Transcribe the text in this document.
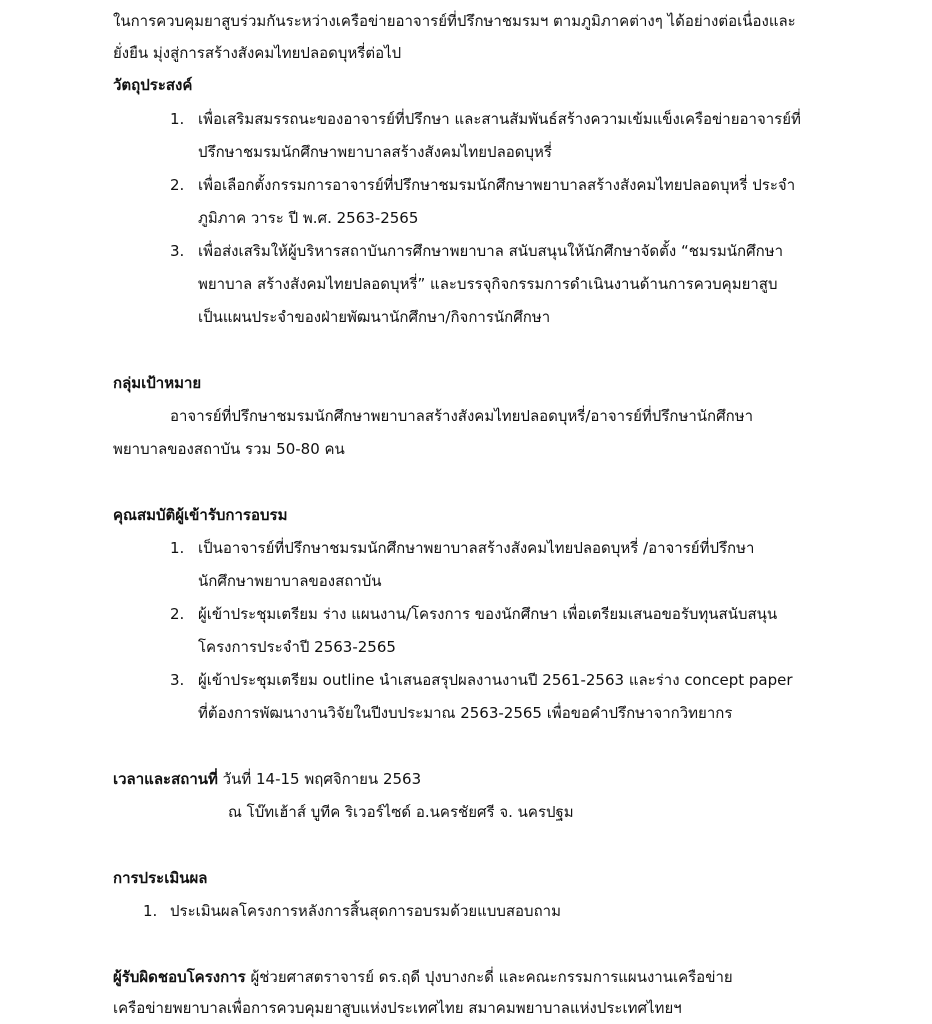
ในการควบคุมยาสูบร่วมกันระหว่างเครือข่ายอาจารย์ที่ปรึกษาชมรมฯ ตามภูมิภาคต่างๆ ได้อย่างต่อเนื่องและ
ยั่งยืน มุ่งสู่การสร้างสังคมไทยปลอดบุหรี่ต่อไป
วัตถุประสงค์
1. เพื่อเสริมสมรรถนะของอาจารย์ที่ปรึกษา และสานสัมพันธ์สร้างความเข้มแข็งเครือข่ายอาจารย์ที่
ปรึกษาชมรมนักศึกษาพยาบาลสร้างสังคมไทยปลอดบุหรี่
2. เพื่อเลือกตั้งกรรมการอาจารย์ที่ปรึกษาชมรมนักศึกษาพยาบาลสร้างสังคมไทยปลอดบุหรี่ ประจำ
ภูมิภาค วาระ ปี พ.ศ. 2563-2565
3. เพื่อส่งเสริมให้ผู้บริหารสถาบันการศึกษาพยาบาล สนับสนุนให้นักศึกษาจัดตั้ง “ชมรมนักศึกษา
พยาบาล สร้างสังคมไทยปลอดบุหรี่” และบรรจุกิจกรรมการดำเนินงานด้านการควบคุมยาสูบ
เป็นแผนประจำของฝ่ายพัฒนานักศึกษา/กิจการนักศึกษา
กลุ่มเป้าหมาย
อาจารย์ที่ปรึกษาชมรมนักศึกษาพยาบาลสร้างสังคมไทยปลอดบุหรี่/อาจารย์ที่ปรึกษานักศึกษา
พยาบาลของสถาบัน รวม 50-80 คน
คุณสมบัติผู้เข้ารับการอบรม
1. เป็นอาจารย์ที่ปรึกษาชมรมนักศึกษาพยาบาลสร้างสังคมไทยปลอดบุหรี่ /อาจารย์ที่ปรึกษา
นักศึกษาพยาบาลของสถาบัน
2. ผู้เข้าประชุมเตรียม ร่าง แผนงาน/โครงการ ของนักศึกษา เพื่อเตรียมเสนอขอรับทุนสนับสนุน
โครงการประจำปี 2563-2565
3. ผู้เข้าประชุมเตรียม outline นำเสนอสรุปผลงานงานปี 2561-2563 และร่าง concept paper
ที่ต้องการพัฒนางานวิจัยในปีงบประมาณ 2563-2565 เพื่อขอคำปรึกษาจากวิทยากร
เวลาและสถานที่ วันที่ 14-15 พฤศจิกายน 2563
ณ โบ๊ทเฮ้าส์ บูทีค ริเวอร์ไซด์ อ.นครชัยศรี จ. นครปฐม
การประเมินผล
1. ประเมินผลโครงการหลังการสิ้นสุดการอบรมด้วยแบบสอบถาม
ผู้รับผิดชอบโครงการ ผู้ช่วยศาสตราจารย์ ดร.ฤดี ปุงบางกะดี่ และคณะกรรมการแผนงานเครือข่าย
เครือข่ายพยาบาลเพื่อการควบคุมยาสูบแห่งประเทศไทย สมาคมพยาบาลแห่งประเทศไทยฯ
